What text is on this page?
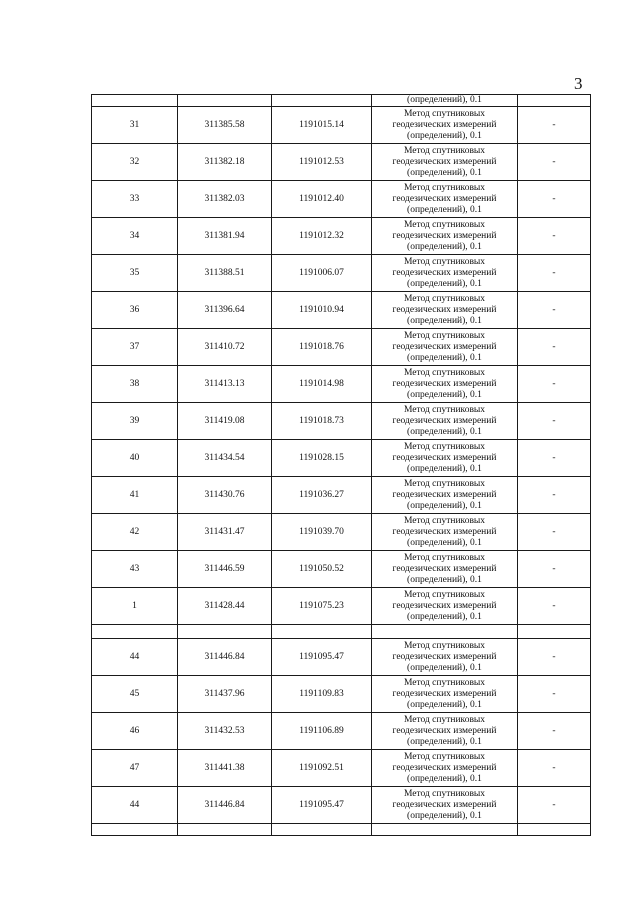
3
			(определений), 0.1	
31	311385.58	1191015.14	Метод спутниковых
геодезических измерений
(определений), 0.1	-
32	311382.18	1191012.53	Метод спутниковых
геодезических измерений
(определений), 0.1	-
33	311382.03	1191012.40	Метод спутниковых
геодезических измерений
(определений), 0.1	-
34	311381.94	1191012.32	Метод спутниковых
геодезических измерений
(определений), 0.1	-
35	311388.51	1191006.07	Метод спутниковых
геодезических измерений
(определений), 0.1	-
36	311396.64	1191010.94	Метод спутниковых
геодезических измерений
(определений), 0.1	-
37	311410.72	1191018.76	Метод спутниковых
геодезических измерений
(определений), 0.1	-
38	311413.13	1191014.98	Метод спутниковых
геодезических измерений
(определений), 0.1	-
39	311419.08	1191018.73	Метод спутниковых
геодезических измерений
(определений), 0.1	-
40	311434.54	1191028.15	Метод спутниковых
геодезических измерений
(определений), 0.1	-
41	311430.76	1191036.27	Метод спутниковых
геодезических измерений
(определений), 0.1	-
42	311431.47	1191039.70	Метод спутниковых
геодезических измерений
(определений), 0.1	-
43	311446.59	1191050.52	Метод спутниковых
геодезических измерений
(определений), 0.1	-
1	311428.44	1191075.23	Метод спутниковых
геодезических измерений
(определений), 0.1	-

44	311446.84	1191095.47	Метод спутниковых
геодезических измерений
(определений), 0.1	-
45	311437.96	1191109.83	Метод спутниковых
геодезических измерений
(определений), 0.1	-
46	311432.53	1191106.89	Метод спутниковых
геодезических измерений
(определений), 0.1	-
47	311441.38	1191092.51	Метод спутниковых
геодезических измерений
(определений), 0.1	-
44	311446.84	1191095.47	Метод спутниковых
геодезических измерений
(определений), 0.1	-
